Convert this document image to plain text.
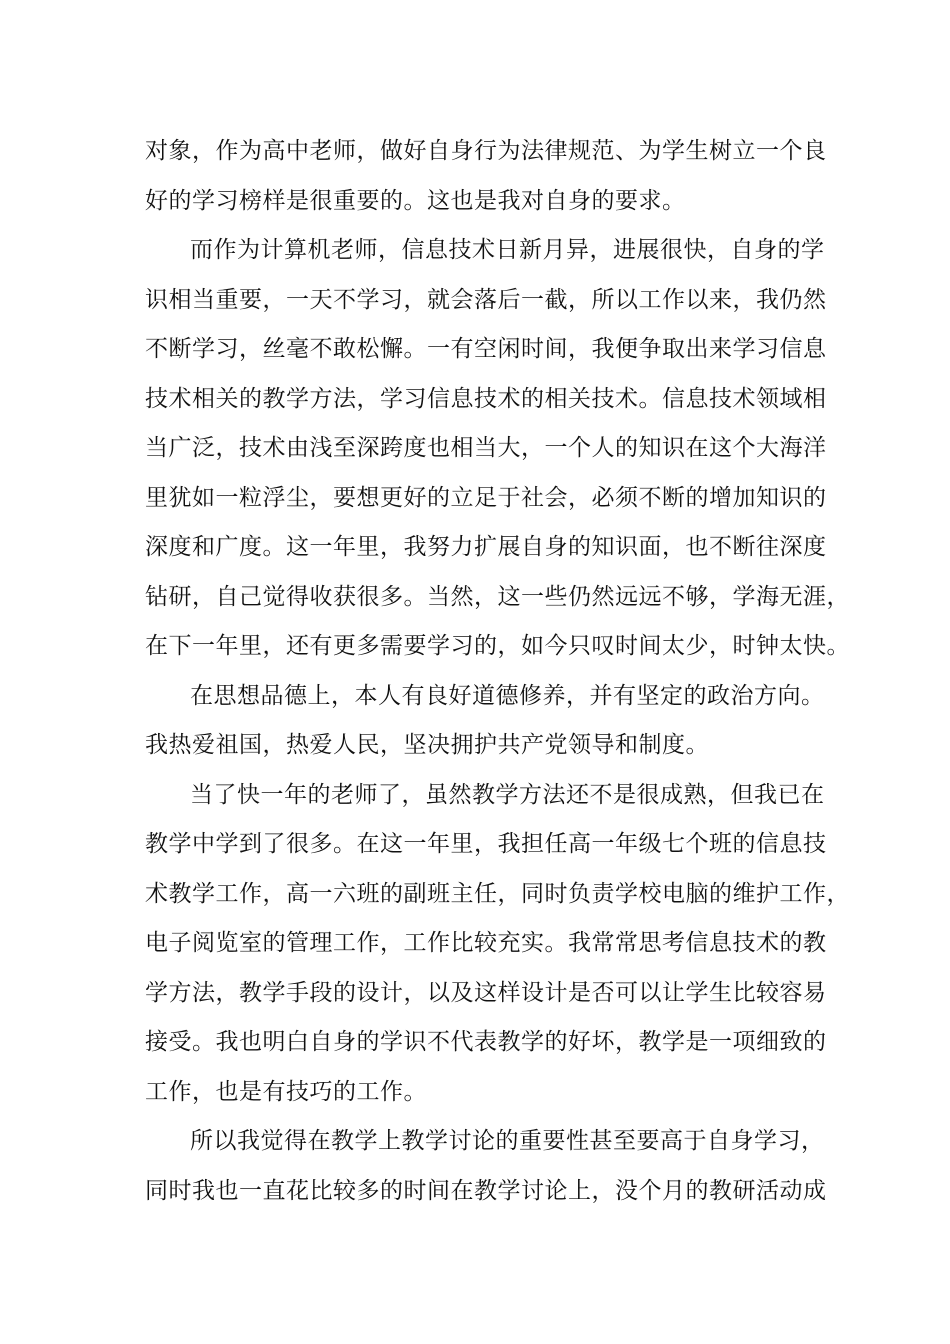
对象，作为高中老师，做好自身行为法律规范、为学生树立一个良
好的学习榜样是很重要的。这也是我对自身的要求。
而作为计算机老师，信息技术日新月异，进展很快，自身的学
识相当重要，一天不学习，就会落后一截，所以工作以来，我仍然
不断学习，丝毫不敢松懈。一有空闲时间，我便争取出来学习信息
技术相关的教学方法，学习信息技术的相关技术。信息技术领域相
当广泛，技术由浅至深跨度也相当大，一个人的知识在这个大海洋
里犹如一粒浮尘，要想更好的立足于社会，必须不断的增加知识的
深度和广度。这一年里，我努力扩展自身的知识面，也不断往深度
钻研，自己觉得收获很多。当然，这一些仍然远远不够，学海无涯，
在下一年里，还有更多需要学习的，如今只叹时间太少，时钟太快。
在思想品德上，本人有良好道德修养，并有坚定的政治方向。
我热爱祖国，热爱人民，坚决拥护共产党领导和制度。
当了快一年的老师了，虽然教学方法还不是很成熟，但我已在
教学中学到了很多。在这一年里，我担任高一年级七个班的信息技
术教学工作，高一六班的副班主任，同时负责学校电脑的维护工作，
电子阅览室的管理工作，工作比较充实。我常常思考信息技术的教
学方法，教学手段的设计，以及这样设计是否可以让学生比较容易
接受。我也明白自身的学识不代表教学的好坏，教学是一项细致的
工作，也是有技巧的工作。
所以我觉得在教学上教学讨论的重要性甚至要高于自身学习，
同时我也一直花比较多的时间在教学讨论上，没个月的教研活动成
